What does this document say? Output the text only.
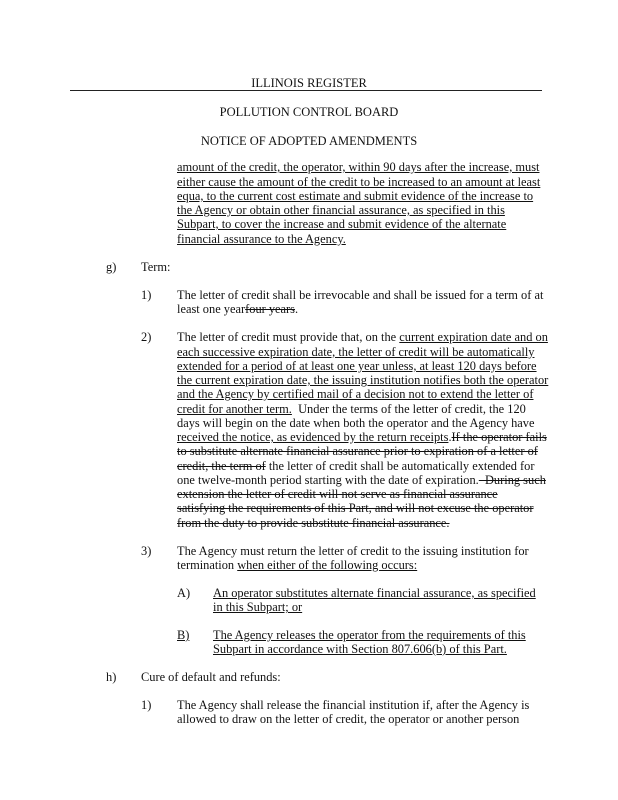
ILLINOIS REGISTER
POLLUTION CONTROL BOARD
NOTICE OF ADOPTED AMENDMENTS
amount of the credit, the operator, within 90 days after the increase, must
either cause the amount of the credit to be increased to an amount at least
equa, to the current cost estimate and submit evidence of the increase to
the Agency or obtain other financial assurance, as specified in this
Subpart, to cover the increase and submit evidence of the alternate
financial assurance to the Agency.
g) Term:
1) The letter of credit shall be irrevocable and shall be issued for a term of at
least one yearfour years.
2) The letter of credit must provide that, on the current expiration date and on
each successive expiration date, the letter of credit will be automatically
extended for a period of at least one year unless, at least 120 days before
the current expiration date, the issuing institution notifies both the operator
and the Agency by certified mail of a decision not to extend the letter of
credit for another term.  Under the terms of the letter of credit, the 120
days will begin on the date when both the operator and the Agency have
received the notice, as evidenced by the return receipts.If the operator fails
to substitute alternate financial assurance prior to expiration of a letter of
credit, the term of the letter of credit shall be automatically extended for
one twelve-month period starting with the date of expiration.  During such
extension the letter of credit will not serve as financial assurance
satisfying the requirements of this Part, and will not excuse the operator
from the duty to provide substitute financial assurance.
3) The Agency must return the letter of credit to the issuing institution for
termination when either of the following occurs:
A) An operator substitutes alternate financial assurance, as specified
in this Subpart; or
B) The Agency releases the operator from the requirements of this
Subpart in accordance with Section 807.606(b) of this Part.
h) Cure of default and refunds:
1) The Agency shall release the financial institution if, after the Agency is
allowed to draw on the letter of credit, the operator or another person
